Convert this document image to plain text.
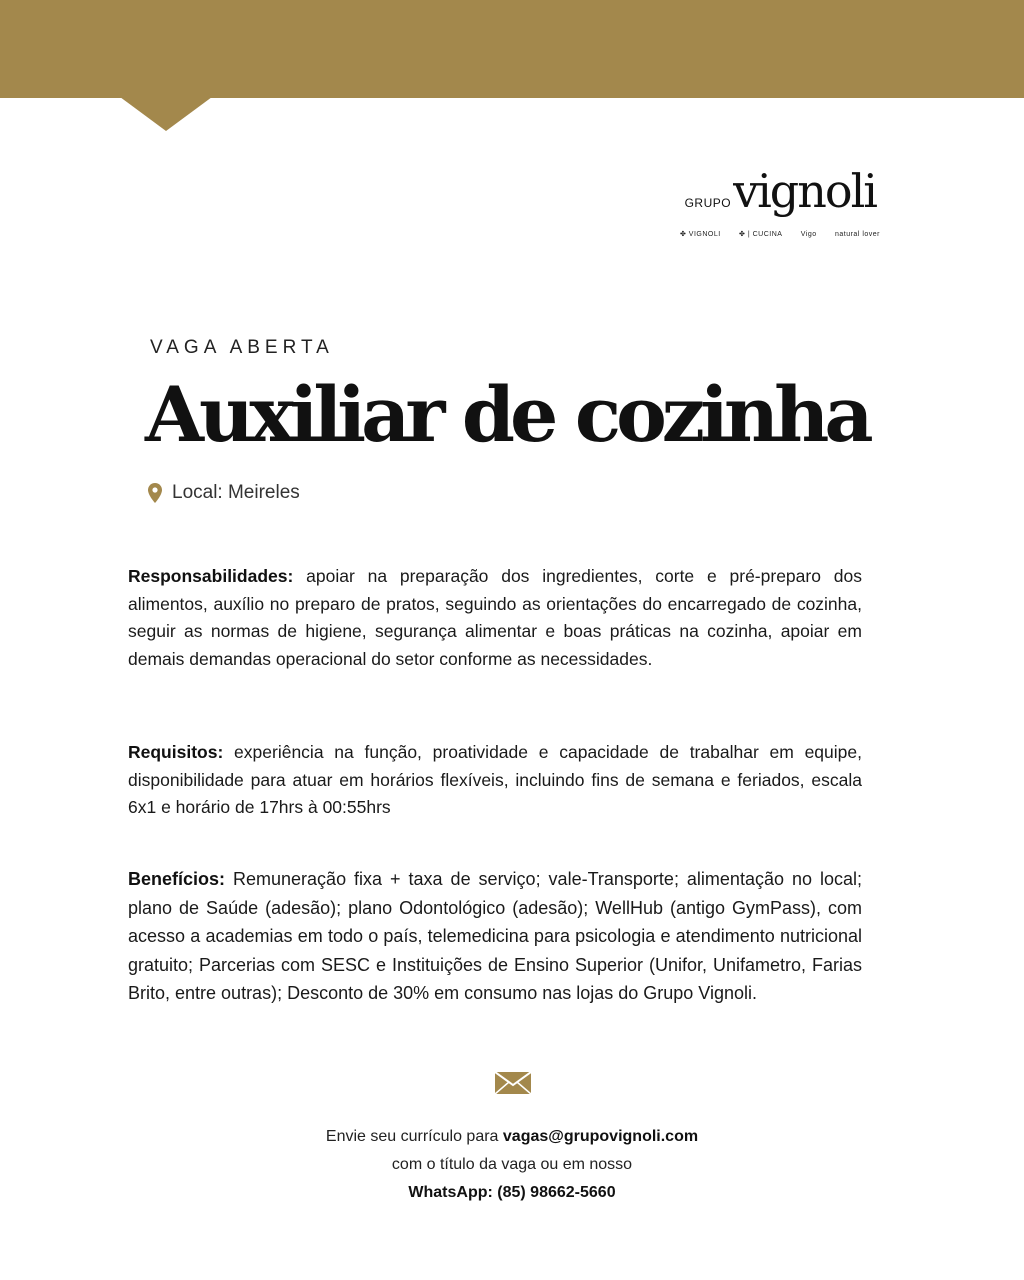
GRUPOvignoli
✤ VIGNOLI	✤ | CUCINA	Vigo	natural lover
VAGA ABERTA
Auxiliar de cozinha
Local: Meireles

Responsabilidades: apoiar na preparação dos ingredientes, corte e pré-preparo dos alimentos, auxílio no preparo de pratos, seguindo as orientações do encarregado de cozinha, seguir as normas de higiene, segurança alimentar e boas práticas na cozinha, apoiar em demais demandas operacional do setor conforme as necessidades.

Requisitos: experiência na função, proatividade e capacidade de trabalhar em equipe, disponibilidade para atuar em horários flexíveis, incluindo fins de semana e feriados, escala 6x1 e horário de 17hrs à 00:55hrs

Benefícios: Remuneração fixa + taxa de serviço; vale-Transporte; alimentação no local; plano de Saúde (adesão); plano Odontológico (adesão); WellHub (antigo GymPass), com acesso a academias em todo o país, telemedicina para psicologia e atendimento nutricional gratuito; Parcerias com SESC e Instituições de Ensino Superior (Unifor, Unifametro, Farias Brito, entre outras); Desconto de 30% em consumo nas lojas do Grupo Vignoli.

Envie seu currículo para vagas@grupovignoli.com
com o título da vaga ou em nosso
WhatsApp: (85) 98662-5660
